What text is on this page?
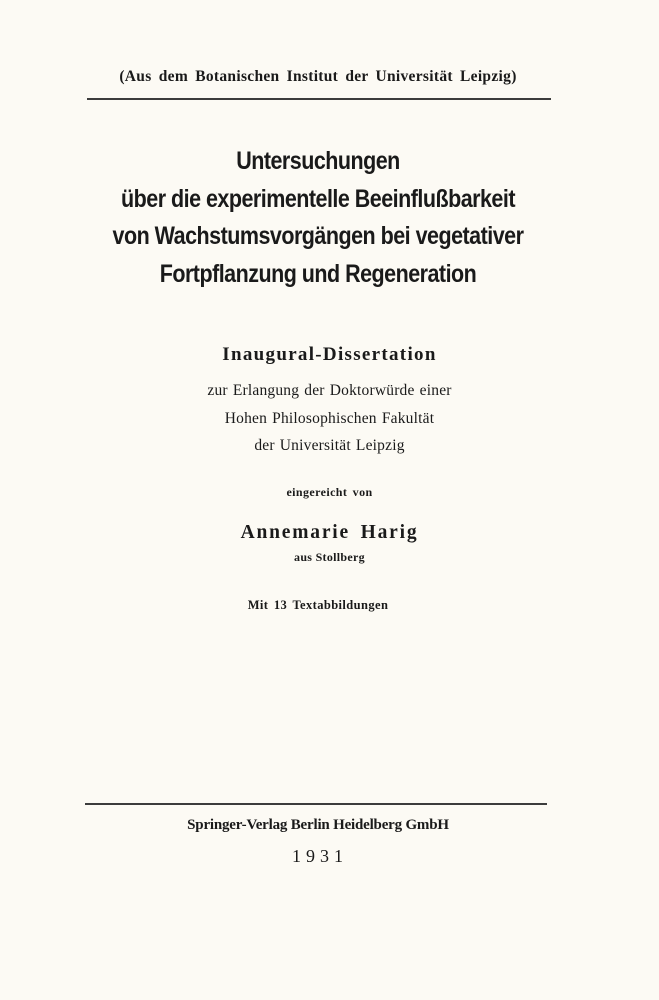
(Aus dem Botanischen Institut der Universität Leipzig)
Untersuchungen
über die experimentelle Beeinflußbarkeit
von Wachstumsvorgängen bei vegetativer
Fortpflanzung und Regeneration
Inaugural-Dissertation
zur Erlangung der Doktorwürde einer
Hohen Philosophischen Fakultät
der Universität Leipzig
eingereicht von
Annemarie Harig
aus Stollberg
Mit 13 Textabbildungen
Springer-Verlag Berlin Heidelberg GmbH
1931
